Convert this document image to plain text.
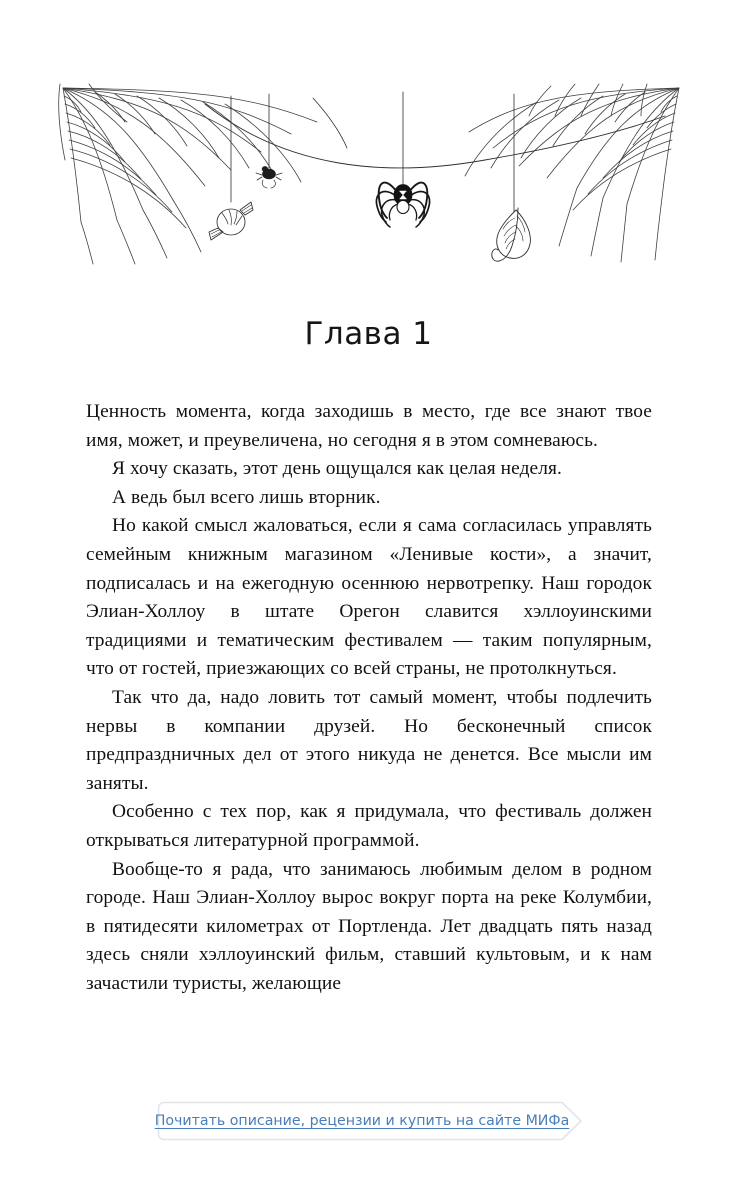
Глава 1

Ценность момента, когда заходишь в место, где все знают твое имя, может, и преувеличена, но сегодня я в этом сомневаюсь.

Я хочу сказать, этот день ощущался как целая неделя.

А ведь был всего лишь вторник.

Но какой смысл жаловаться, если я сама согласилась управлять семейным книжным магазином «Ленивые кости», а значит, подписалась и на ежегодную осеннюю нервотрепку. Наш городок Элиан-Холлоу в штате Орегон славится хэллоуинскими традициями и тематическим фестивалем — таким популярным, что от гостей, приезжающих со всей страны, не протолкнуться.

Так что да, надо ловить тот самый момент, чтобы подлечить нервы в компании друзей. Но бесконечный список предпраздничных дел от этого никуда не денется. Все мысли им заняты.

Особенно с тех пор, как я придумала, что фестиваль должен открываться литературной программой.

Вообще-то я рада, что занимаюсь любимым делом в родном городе. Наш Элиан-Холлоу вырос вокруг порта на реке Колумбии, в пятидесяти километрах от Портленда. Лет двадцать пять назад здесь сняли хэллоуинский фильм, ставший культовым, и к нам зачастили туристы, желающие

Почитать описание, рецензии и купить на сайте МИФа
